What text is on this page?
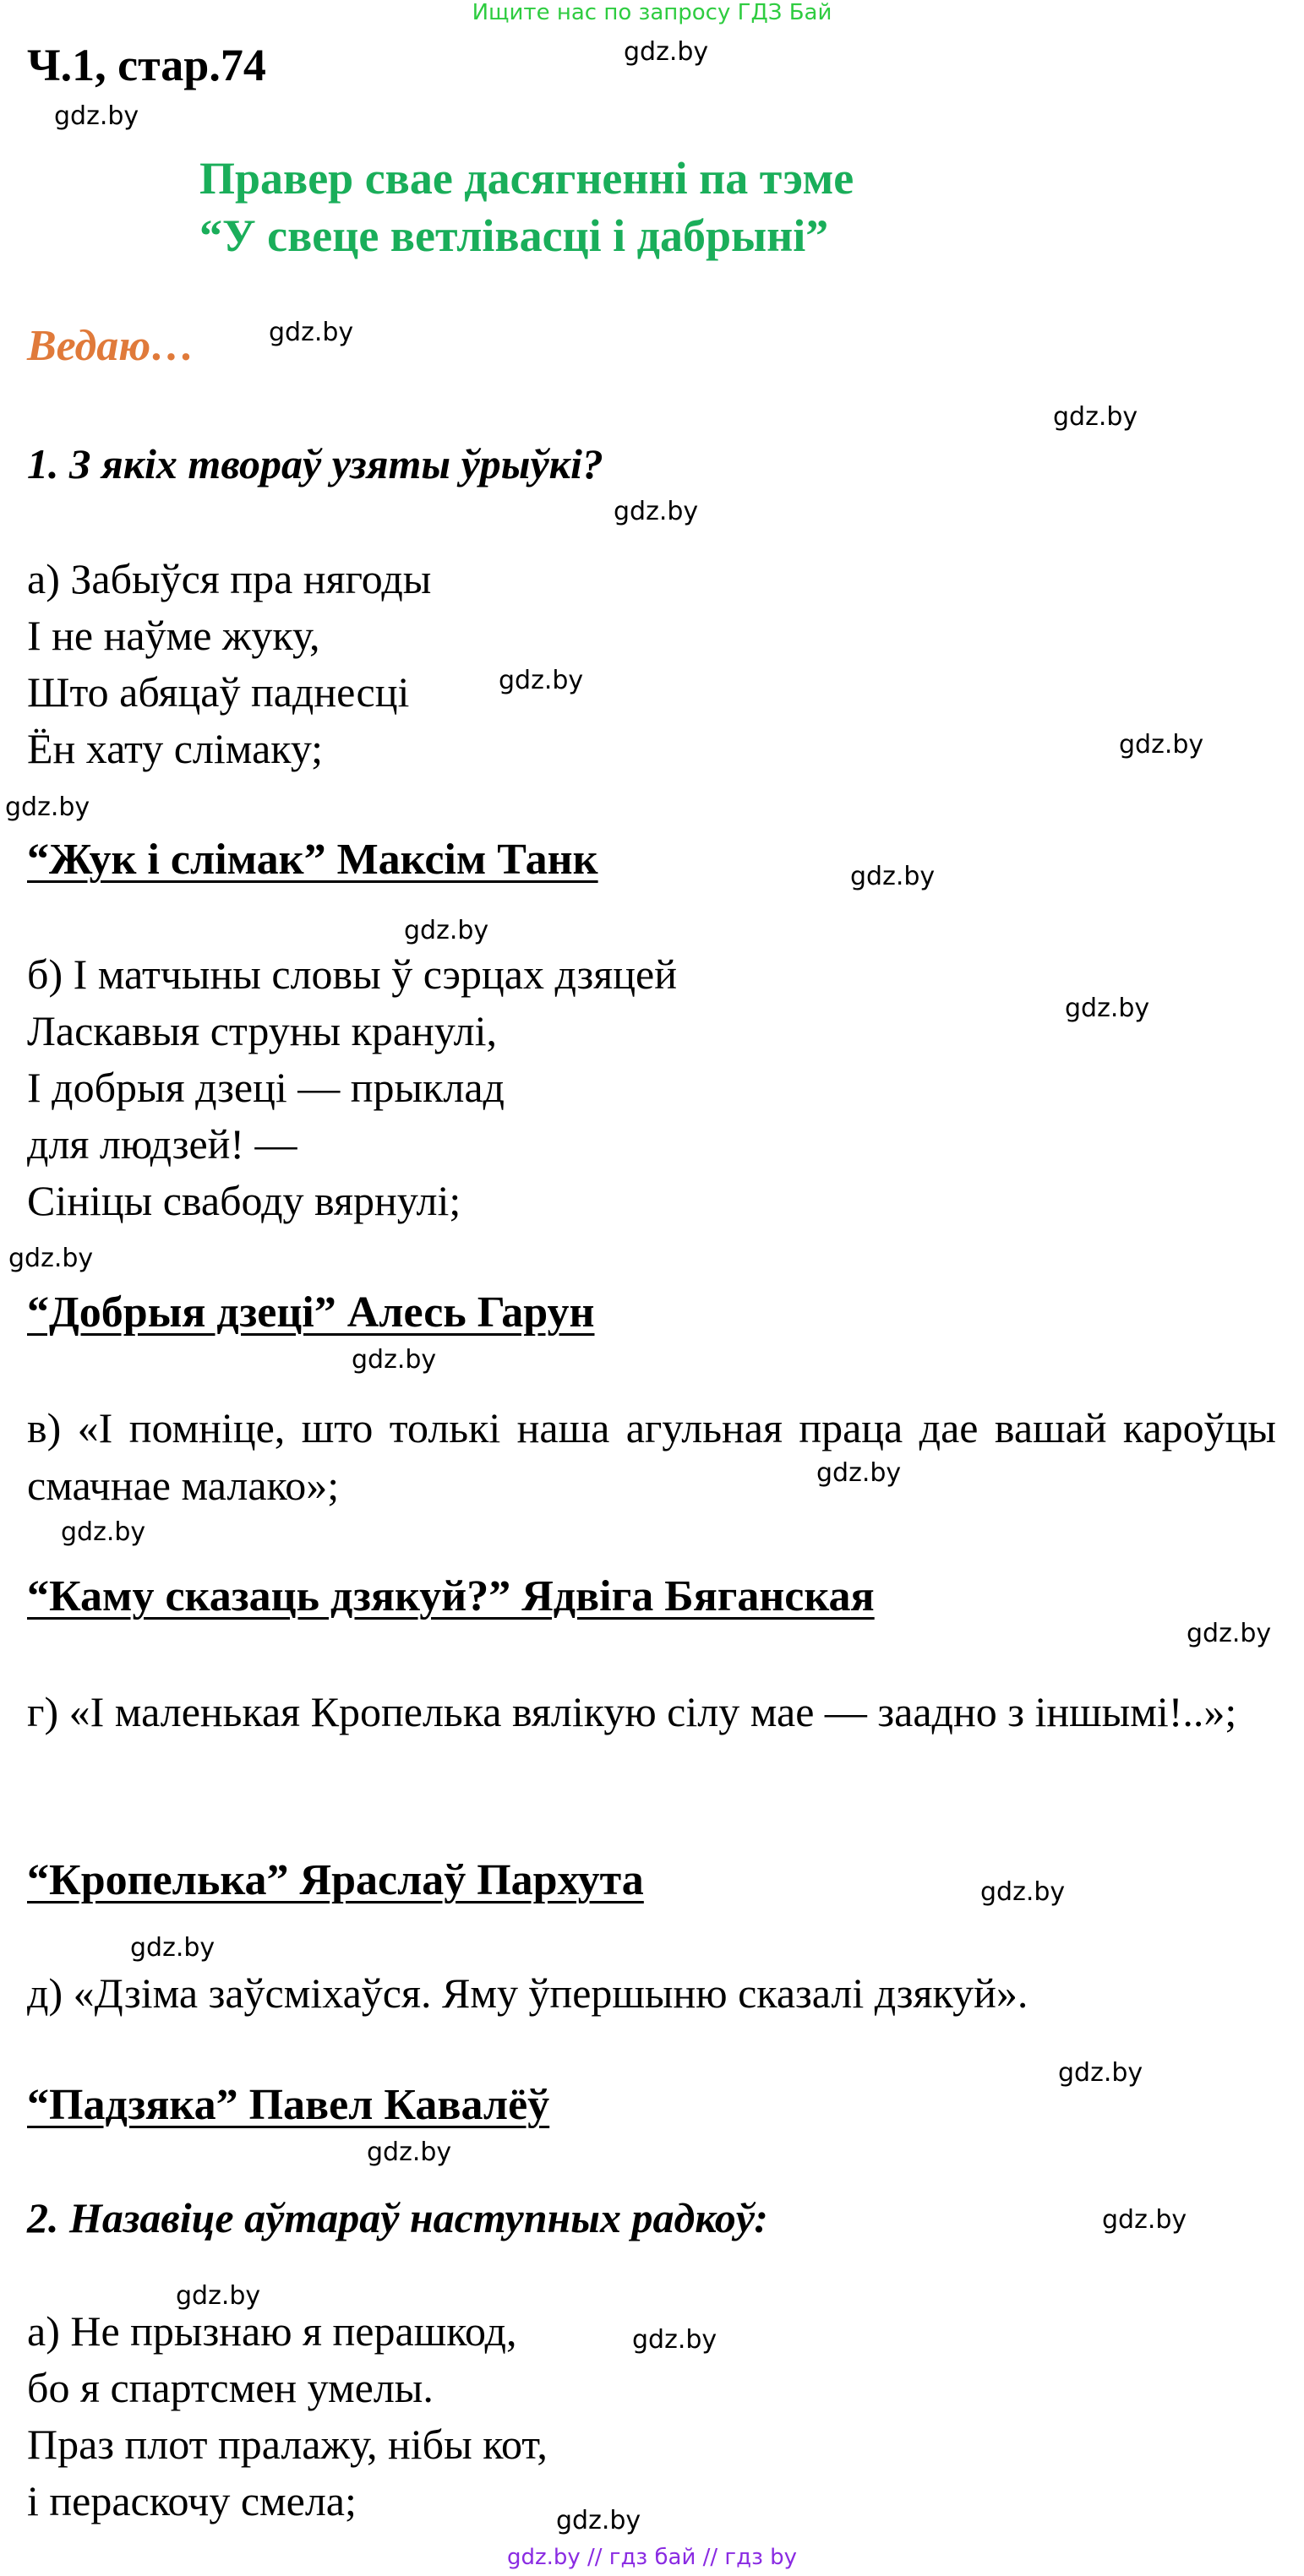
Ищите нас по запросу ГДЗ Бай
gdz.by // гдз бай // гдз by
Ч.1, стар.74
Правер свае дасягненні па тэме
“У свеце ветлівасці і дабрыні”
Ведаю…
1. З якіх твораў узяты ўрыўкі?
а) Забыўся пра нягоды
І не наўме жуку,
Што абяцаў паднесці
Ён хату слімаку;
“Жук і слімак” Максім Танк
б) І матчыны словы ў сэрцах дзяцей
Ласкавыя струны кранулі,
І добрыя дзеці — прыклад
для людзей! —
Сініцы свабоду вярнулі;
“Добрыя дзеці” Алесь Гарун

в) «І помніце, што толькі наша агульная праца дае вашай кароўцы смачнае малако»;

“Каму сказаць дзякуй?” Ядвіга Бяганская

г) «І маленькая Кропелька вялікую сілу мае — заадно з іншымі!..»;

“Кропелька” Яраслаў Пархута
д) «Дзіма заўсміхаўся. Яму ўпершыню сказалі дзякуй».
“Падзяка” Павел Кавалёў
2. Назавіце аўтараў наступных радкоў:
а) Не прызнаю я перашкод,
бо я спартсмен умелы.
Праз плот пралажу, нібы кот,
і пераскочу смела;
gdz.by
gdz.by
gdz.by
gdz.by
gdz.by
gdz.by
gdz.by
gdz.by
gdz.by
gdz.by
gdz.by
gdz.by
gdz.by
gdz.by
gdz.by
gdz.by
gdz.by
gdz.by
gdz.by
gdz.by
gdz.by
gdz.by
gdz.by
gdz.by
